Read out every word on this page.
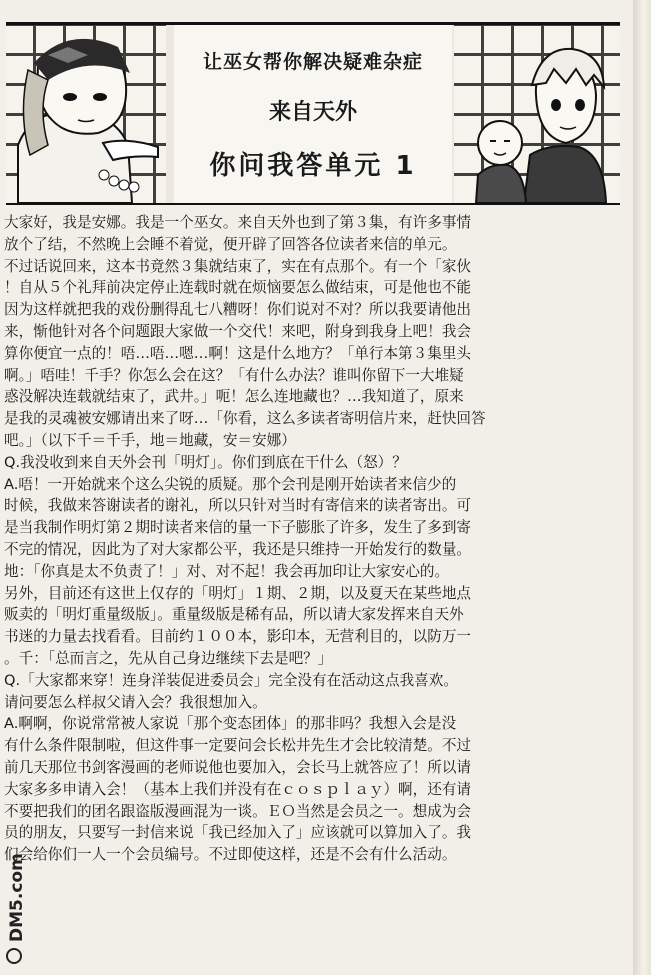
让巫女帮你解决疑难杂症
来自天外
你问我答单元 1
大家好，我是安娜。我是一个巫女。来自天外也到了第３集，有许多事情
放个了结，不然晚上会睡不着觉，便开辟了回答各位读者来信的单元。
不过话说回来，这本书竟然３集就结束了，实在有点那个。有一个「家伙
！自从５个礼拜前决定停止连载时就在烦恼要怎么做结束，可是他也不能
因为这样就把我的戏份删得乱七八糟呀！你们说对不对？所以我要请他出
来，惭他针对各个问题跟大家做一个交代！来吧，附身到我身上吧！我会
算你便宜一点的！唔…唔…嗯…啊！这是什么地方？「单行本第３集里头
啊。」唔哇！千手？你怎么会在这？「有什么办法？谁叫你留下一大堆疑
惑没解决连载就结束了，武井。」呃！怎么连地藏也？…我知道了，原来
是我的灵魂被安娜请出来了呀…「你看，这么多读者寄明信片来，赶快回答
吧。」（以下千＝千手，地＝地藏，安＝安娜）
Q.我没收到来自天外会刊「明灯」。你们到底在干什么（怒）？
A.唔！一开始就来个这么尖锐的质疑。那个会刊是刚开始读者来信少的
时候，我做来答谢读者的谢礼，所以只针对当时有寄信来的读者寄出。可
是当我制作明灯第２期时读者来信的量一下子膨胀了许多，发生了多到寄
不完的情况，因此为了对大家都公平，我还是只维持一开始发行的数量。
地：「你真是太不负责了！」对、对不起！我会再加印让大家安心的。
另外，目前还有这世上仅存的「明灯」１期、２期，以及夏天在某些地点
贩卖的「明灯重量级版」。重量级版是稀有品，所以请大家发挥来自天外
书迷的力量去找看看。目前约１００本，影印本，无营利目的，以防万一
。千：「总而言之，先从自己身边继续下去是吧？」
Q.「大家都来穿！连身洋装促进委员会」完全没有在活动这点我喜欢。
请问要怎么样叔父请入会？我很想加入。
A.啊啊，你说常常被人家说「那个变态团体」的那非吗？我想入会是没
有什么条件限制啦，但这件事一定要问会长松井先生才会比较清楚。不过
前几天那位书剑客漫画的老师说他也要加入，会长马上就答应了！所以请
大家多多申请入会！（基本上我们并没有在ｃｏｓｐｌａｙ）啊，还有请
不要把我们的团名跟盗版漫画混为一谈。ＥＯ当然是会员之一。想成为会
员的朋友，只要写一封信来说「我已经加入了」应该就可以算加入了。我
们会给你们一人一个会员编号。不过即使这样，还是不会有什么活动。
DM5.com
